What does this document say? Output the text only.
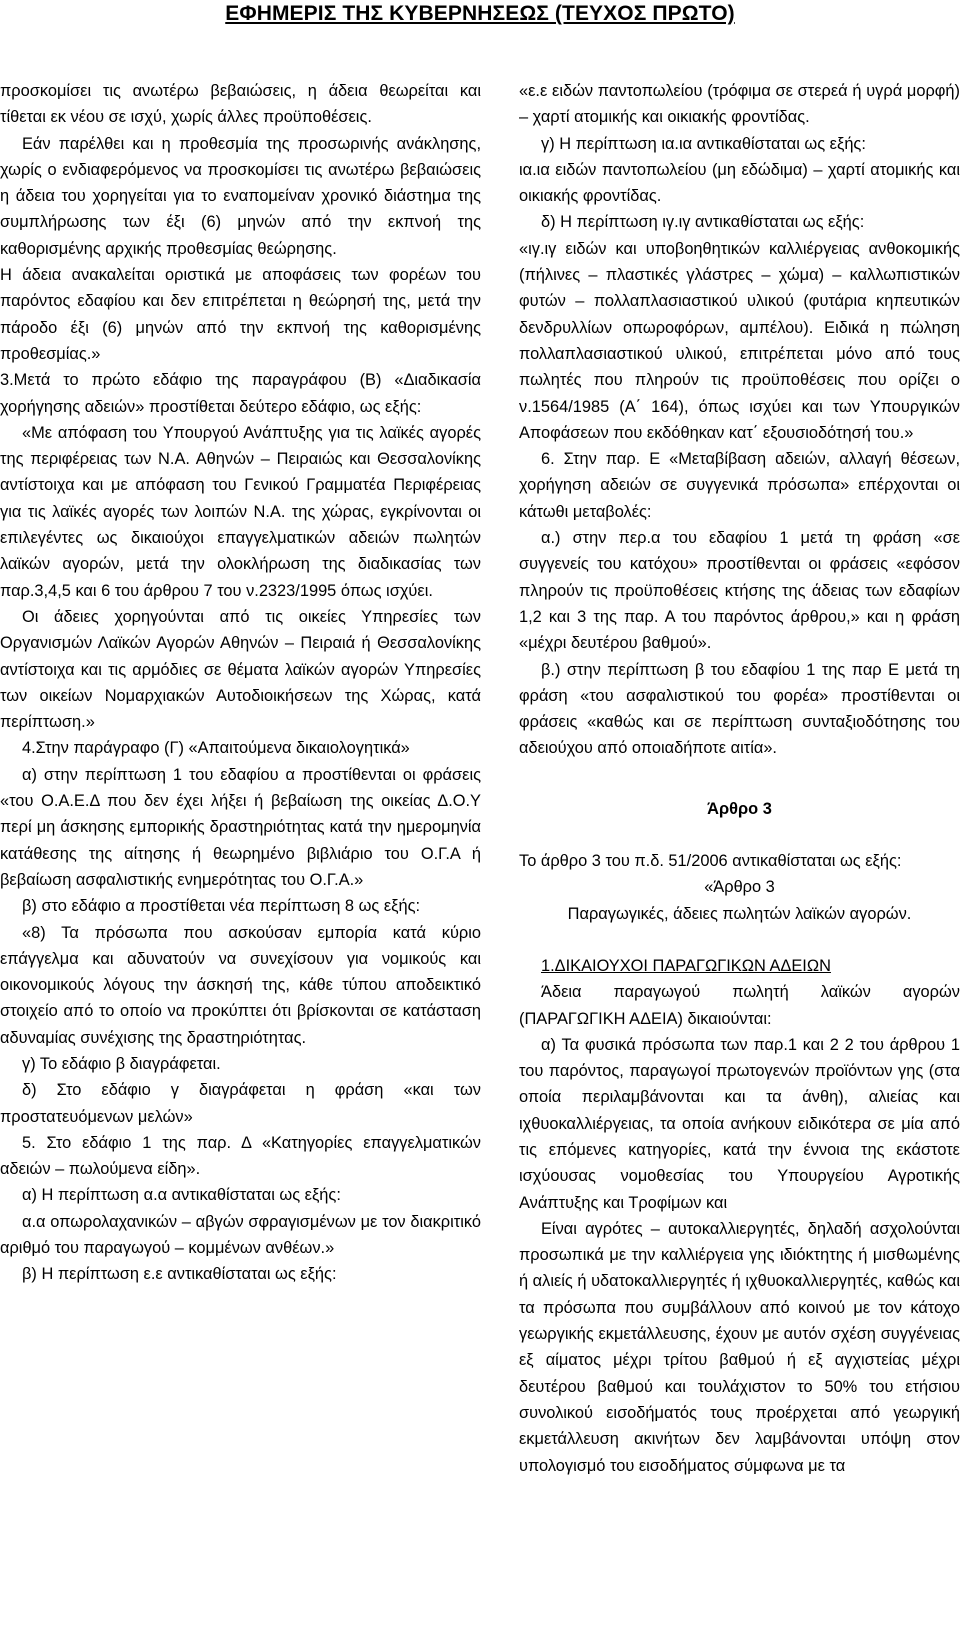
ΕΦΗΜΕΡΙΣ ΤΗΣ ΚΥΒΕΡΝΗΣΕΩΣ (ΤΕΥΧΟΣ ΠΡΩΤΟ)

προσκομίσει τις ανωτέρω βεβαιώσεις, η άδεια θεωρείται και τίθεται εκ νέου σε ισχύ, χωρίς άλλες προϋποθέσεις.

Εάν παρέλθει και η προθεσμία της προσωρινής ανάκλησης, χωρίς ο ενδιαφερόμενος να προσκομίσει τις ανωτέρω βεβαιώσεις η άδεια του χορηγείται για το εναπομείναν χρονικό διάστημα της συμπλήρωσης των έξι (6) μηνών από την εκπνοή της καθορισμένης αρχικής προθεσμίας θεώρησης.

Η άδεια ανακαλείται οριστικά με αποφάσεις των φορέων του παρόντος εδαφίου και δεν επιτρέπεται η θεώρησή της, μετά την πάροδο έξι (6) μηνών από την εκπνοή της καθορισμένης προθεσμίας.»

3.Μετά το πρώτο εδάφιο της παραγράφου (Β) «Διαδικασία χορήγησης αδειών» προστίθεται δεύτερο εδάφιο, ως εξής:

«Με απόφαση του Υπουργού Ανάπτυξης για τις λαϊκές αγορές της περιφέρειας των Ν.Α. Αθηνών – Πειραιώς και Θεσσαλονίκης αντίστοιχα και με απόφαση του Γενικού Γραμματέα Περιφέρειας για τις λαϊκές αγορές των λοιπών Ν.Α. της χώρας, εγκρίνονται οι επιλεγέντες ως δικαιούχοι επαγγελματικών αδειών πωλητών λαϊκών αγορών, μετά την ολοκλήρωση της διαδικασίας των παρ.3,4,5 και 6 του άρθρου 7 του ν.2323/1995 όπως ισχύει.

Οι άδειες χορηγούνται από τις οικείες Υπηρεσίες των Οργανισμών Λαϊκών Αγορών Αθηνών – Πειραιά ή Θεσσαλονίκης αντίστοιχα και τις αρμόδιες σε θέματα λαϊκών αγορών Υπηρεσίες των οικείων Νομαρχιακών Αυτοδιοικήσεων της Χώρας, κατά περίπτωση.»

4.Στην παράγραφο (Γ) «Απαιτούμενα δικαιολογητικά»

α) στην περίπτωση 1 του εδαφίου α προστίθενται οι φράσεις «του Ο.Α.Ε.Δ που δεν έχει λήξει ή βεβαίωση της οικείας Δ.Ο.Υ περί μη άσκησης εμπορικής δραστηριότητας κατά την ημερομηνία κατάθεσης της αίτησης ή θεωρημένο βιβλιάριο του Ο.Γ.Α ή βεβαίωση ασφαλιστικής ενημερότητας του Ο.Γ.Α.»

β) στο εδάφιο α προστίθεται νέα περίπτωση 8 ως εξής:

«8) Τα πρόσωπα που ασκούσαν εμπορία κατά κύριο επάγγελμα και αδυνατούν να συνεχίσουν για νομικούς και οικονομικούς λόγους την άσκησή της, κάθε τύπου αποδεικτικό στοιχείο από το οποίο να προκύπτει ότι βρίσκονται σε κατάσταση αδυναμίας συνέχισης της δραστηριότητας.

γ) Το εδάφιο β διαγράφεται.

δ) Στο εδάφιο γ διαγράφεται η φράση «και των προστατευόμενων μελών»

5. Στο εδάφιο 1 της παρ. Δ «Κατηγορίες επαγγελματικών αδειών – πωλούμενα είδη».

α) Η περίπτωση α.α αντικαθίσταται ως εξής:

α.α οπωρολαχανικών – αβγών σφραγισμένων με τον διακριτικό αριθμό του παραγωγού – κομμένων ανθέων.»

β) Η περίπτωση ε.ε αντικαθίσταται ως εξής:

«ε.ε ειδών παντοπωλείου (τρόφιμα σε στερεά ή υγρά μορφή) – χαρτί ατομικής και οικιακής φροντίδας.

γ) Η περίπτωση ια.ια αντικαθίσταται ως εξής:

ια.ια ειδών παντοπωλείου (μη εδώδιμα) – χαρτί ατομικής και οικιακής φροντίδας.

δ) Η περίπτωση ιγ.ιγ αντικαθίσταται ως εξής:

«ιγ.ιγ ειδών και υποβοηθητικών καλλιέργειας ανθοκομικής (πήλινες – πλαστικές γλάστρες – χώμα) – καλλωπιστικών φυτών – πολλαπλασιαστικού υλικού (φυτάρια κηπευτικών δενδρυλλίων οπωροφόρων, αμπέλου). Ειδικά η πώληση πολλαπλασιαστικού υλικού, επιτρέπεται μόνο από τους πωλητές που πληρούν τις προϋποθέσεις που ορίζει ο ν.1564/1985 (Α΄ 164), όπως ισχύει και των Υπουργικών Αποφάσεων που εκδόθηκαν κατ΄ εξουσιοδότησή του.»

6. Στην παρ. Ε «Μεταβίβαση αδειών, αλλαγή θέσεων, χορήγηση αδειών σε συγγενικά πρόσωπα» επέρχονται οι κάτωθι μεταβολές:

α.) στην περ.α του εδαφίου 1 μετά τη φράση «σε συγγενείς του κατόχου» προστίθενται οι φράσεις «εφόσον πληρούν τις προϋποθέσεις κτήσης της άδειας των εδαφίων 1,2 και 3 της παρ. Α του παρόντος άρθρου,» και η φράση «μέχρι δευτέρου βαθμού».

β.) στην περίπτωση β του εδαφίου 1 της παρ Ε μετά τη φράση «του ασφαλιστικού του φορέα» προστίθενται οι φράσεις «καθώς και σε περίπτωση συνταξιοδότησης του αδειούχου από οποιαδήποτε αιτία».

Άρθρο 3

Το άρθρο 3 του π.δ. 51/2006 αντικαθίσταται ως εξής:

«Άρθρο 3

Παραγωγικές, άδειες πωλητών λαϊκών αγορών.

1.ΔΙΚΑΙΟΥΧΟΙ ΠΑΡΑΓΩΓΙΚΩΝ ΑΔΕΙΩΝ

Άδεια παραγωγού πωλητή λαϊκών αγορών (ΠΑΡΑΓΩΓΙΚΗ ΑΔΕΙΑ) δικαιούνται:

α) Τα φυσικά πρόσωπα των παρ.1 και 2 2 του άρθρου 1 του παρόντος, παραγωγοί πρωτογενών προϊόντων γης (στα οποία περιλαμβάνονται και τα άνθη), αλιείας και ιχθυοκαλλιέργειας, τα οποία ανήκουν ειδικότερα σε μία από τις επόμενες κατηγορίες, κατά την έννοια της εκάστοτε ισχύουσας νομοθεσίας του Υπουργείου Αγροτικής Ανάπτυξης και Τροφίμων και

Είναι αγρότες – αυτοκαλλιεργητές, δηλαδή ασχολούνται προσωπικά με την καλλιέργεια γης ιδιόκτητης ή μισθωμένης ή αλιείς ή υδατοκαλλιεργητές ή ιχθυοκαλλιεργητές, καθώς και τα πρόσωπα που συμβάλλουν από κοινού με τον κάτοχο γεωργικής εκμετάλλευσης, έχουν με αυτόν σχέση συγγένειας εξ αίματος μέχρι τρίτου βαθμού ή εξ αγχιστείας μέχρι δευτέρου βαθμού και τουλάχιστον το 50% του ετήσιου συνολικού εισοδήματός τους προέρχεται από γεωργική εκμετάλλευση ακινήτων δεν λαμβάνονται υπόψη στον υπολογισμό του εισοδήματος σύμφωνα με τα
